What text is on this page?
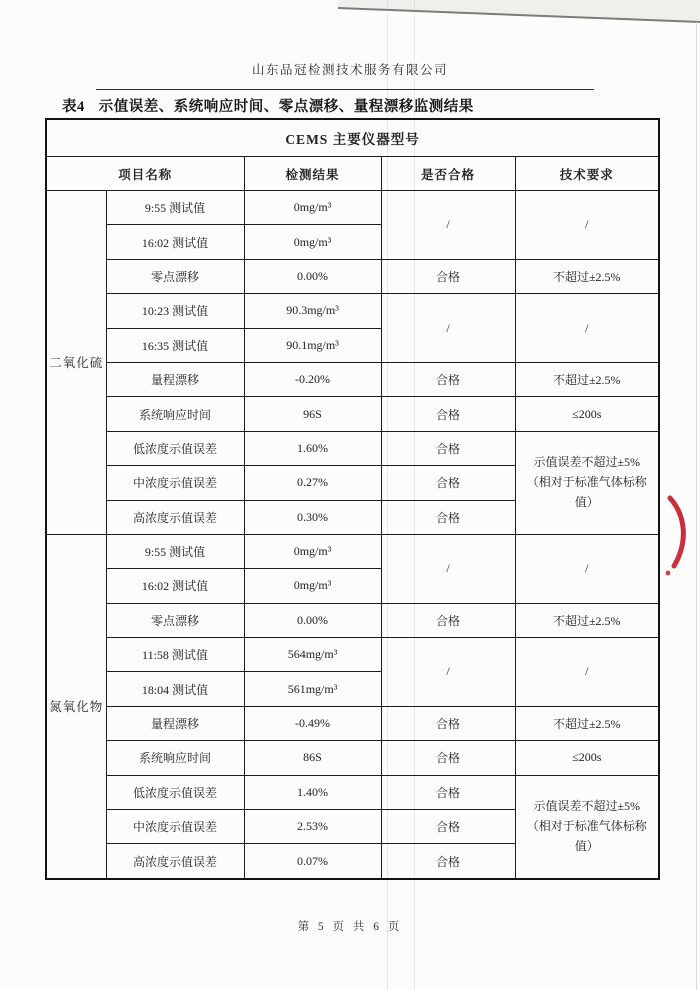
山东品冠检测技术服务有限公司
表4 示值误差、系统响应时间、零点漂移、量程漂移监测结果
CEMS 主要仪器型号				
项目名称		检测结果	是否合格	技术要求
二氧化硫	9:55 测试值	0mg/m³	/	/
	16:02 测试值	0mg/m³		
	零点漂移	0.00%	合格	不超过±2.5%
	10:23 测试值	90.3mg/m³	/	/
	16:35 测试值	90.1mg/m³		
	量程漂移	-0.20%	合格	不超过±2.5%
	系统响应时间	96S	合格	≤200s
	低浓度示值误差	1.60%	合格	示值误差不超过±5%（相对于标准气体标称值）
	中浓度示值误差	0.27%	合格	
	高浓度示值误差	0.30%	合格	
氮氧化物	9:55 测试值	0mg/m³	/	/
	16:02 测试值	0mg/m³		
	零点漂移	0.00%	合格	不超过±2.5%
	11:58 测试值	564mg/m³	/	/
	18:04 测试值	561mg/m³		
	量程漂移	-0.49%	合格	不超过±2.5%
	系统响应时间	86S	合格	≤200s
	低浓度示值误差	1.40%	合格	示值误差不超过±5%（相对于标准气体标称值）
	中浓度示值误差	2.53%	合格	
	高浓度示值误差	0.07%	合格	
第 5 页 共 6 页
